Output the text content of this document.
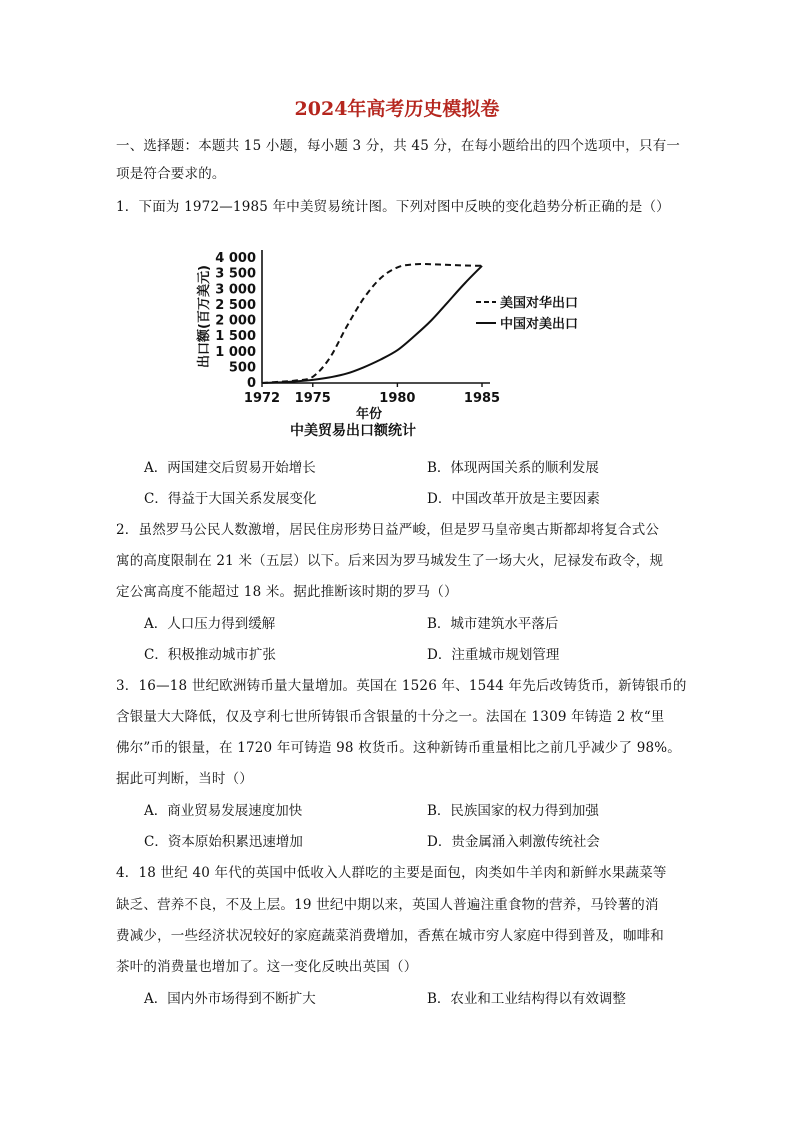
2024年高考历史模拟卷
一、选择题：本题共 15 小题，每小题 3 分，共 45 分，在每小题给出的四个选项中，只有一
项是符合要求的。
1．下面为 1972—1985 年中美贸易统计图。下列对图中反映的变化趋势分析正确的是（）
0
500
1 000
1 500
2 000
2 500
3 000
3 500
4 000
1972 1975	1980	1985
美国对华出口
中国对美出口
出口额(百万美元)
年份
中美贸易出口额统计
A．两国建交后贸易开始增长	B．体现两国关系的顺利发展
C．得益于大国关系发展变化	D．中国改革开放是主要因素
2．虽然罗马公民人数激增，居民住房形势日益严峻，但是罗马皇帝奥古斯都却将复合式公
寓的高度限制在 21 米（五层）以下。后来因为罗马城发生了一场大火，尼禄发布政令，规
定公寓高度不能超过 18 米。据此推断该时期的罗马（）
A．人口压力得到缓解	B．城市建筑水平落后
C．积极推动城市扩张	D．注重城市规划管理
3．16—18 世纪欧洲铸币量大量增加。英国在 1526 年、1544 年先后改铸货币，新铸银币的
含银量大大降低，仅及亨利七世所铸银币含银量的十分之一。法国在 1309 年铸造 2 枚“里
佛尔”币的银量，在 1720 年可铸造 98 枚货币。这种新铸币重量相比之前几乎减少了 98%。
据此可判断，当时（）
A．商业贸易发展速度加快	B．民族国家的权力得到加强
C．资本原始积累迅速增加	D．贵金属涌入刺激传统社会
4．18 世纪 40 年代的英国中低收入人群吃的主要是面包，肉类如牛羊肉和新鲜水果蔬菜等
缺乏、营养不良，不及上层。19 世纪中期以来，英国人普遍注重食物的营养，马铃薯的消
费减少，一些经济状况较好的家庭蔬菜消费增加，香蕉在城市穷人家庭中得到普及，咖啡和
茶叶的消费量也增加了。这一变化反映出英国（）
A．国内外市场得到不断扩大	B．农业和工业结构得以有效调整
